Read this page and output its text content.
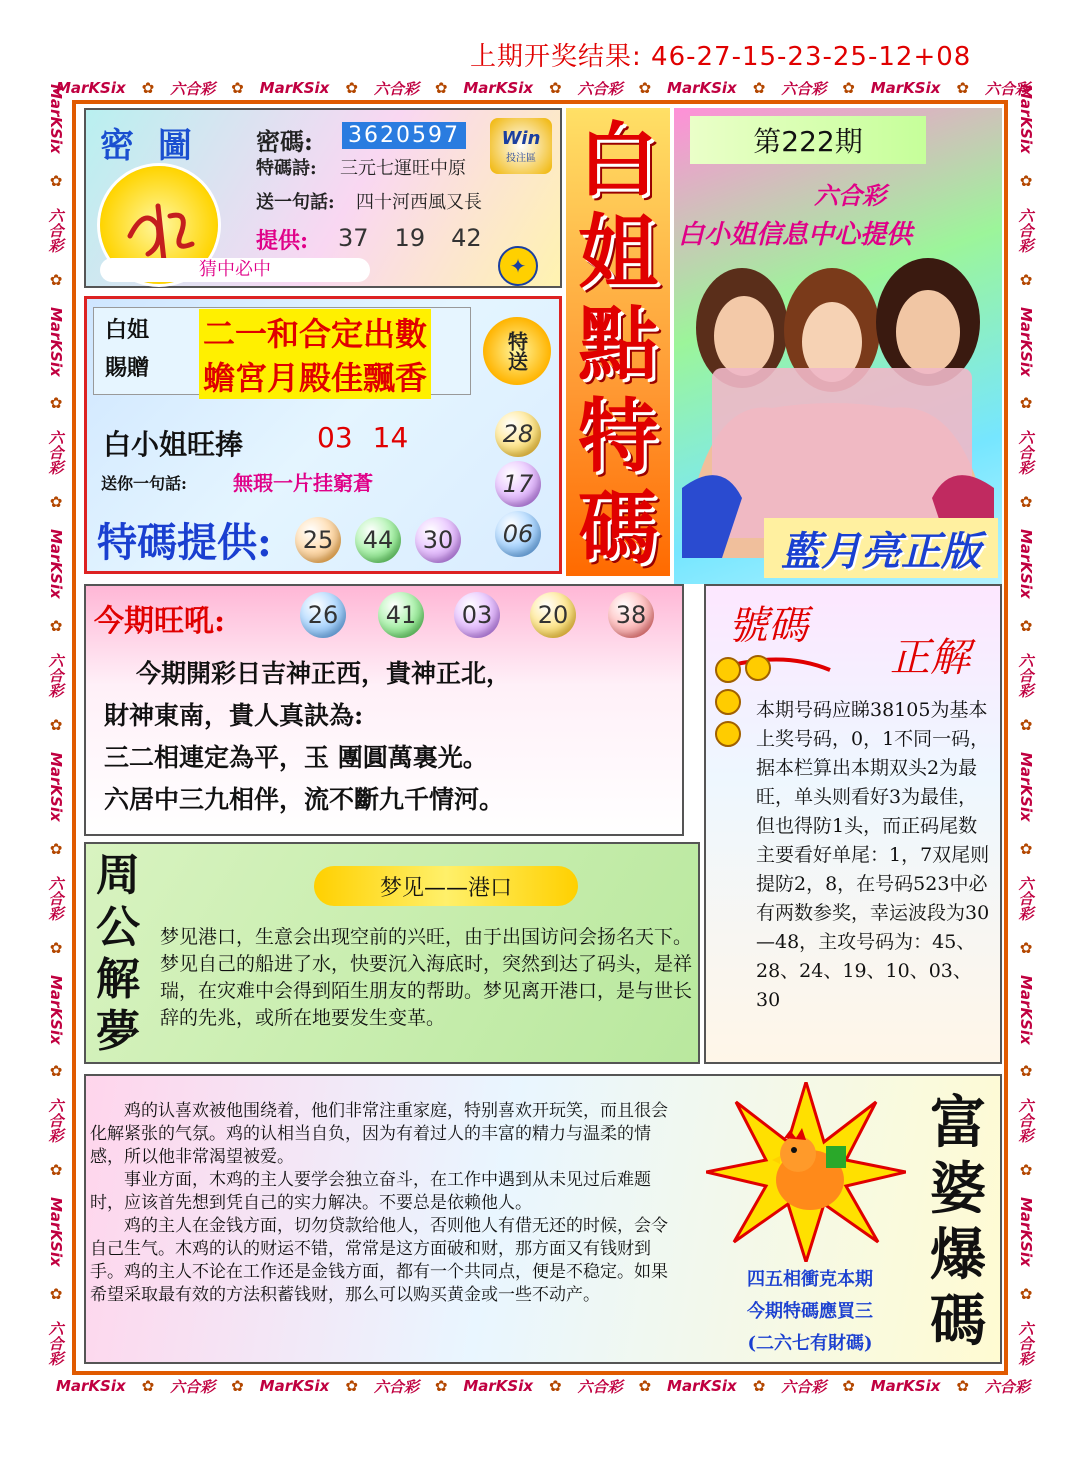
上期开奖结果: 46-27-15-23-25-12+08
MarKSix ✿ 六合彩 ✿ MarKSix ✿ 六合彩 ✿ MarKSix ✿ 六合彩 ✿ MarKSix ✿ 六合彩 ✿ MarKSix ✿ 六合彩
MarKSix ✿ 六合彩 ✿ MarKSix ✿ 六合彩 ✿ MarKSix ✿ 六合彩 ✿ MarKSix ✿ 六合彩 ✿ MarKSix ✿ 六合彩
MarKSix
✿
六合彩
✿
MarKSix
✿
六合彩
✿
MarKSix
✿
六合彩
✿
MarKSix
✿
六合彩
✿
MarKSix
✿
六合彩
✿
MarKSix
✿
六合彩
MarKSix
✿
六合彩
✿
MarKSix
✿
六合彩
✿
MarKSix
✿
六合彩
✿
MarKSix
✿
六合彩
✿
MarKSix
✿
六合彩
✿
MarKSix
✿
六合彩
密 圖 密碼: 3620597	Win
投注區
特碼詩: 三元七運旺中原
送一句話: 四十河西風又長
提供: 37 19 42
猜中必中	✦
白姐
賜贈
二一和合定出數
蟾宮月殿佳飄香
特送
白小姐旺捧	03 14
送你一句話: 無瑕一片挂窮蒼
特碼提供:	25	44	30
28
17
06
白
姐
點
特
碼
第222期
六合彩
白小姐信息中心提供
藍月亮正版
今期旺吼:	26	41	03	20	38
今期開彩日吉神正西，貴神正北，
財神東南，貴人真訣為:
三二相連定為平，玉 團圓萬裏光。
六居中三九相伴，流不斷九千情河。
周
公
解
夢
梦见——港口
梦见港口，生意会出现空前的兴旺，由于出国访问会扬名天下。梦见自己的船进了水，快要沉入海底时，突然到达了码头，是祥瑞，在灾难中会得到陌生朋友的帮助。梦见离开港口，是与世长辞的先兆，或所在地要发生变革。
號碼
正解
本期号码应睇38105为基本上奖号码，0，1不同一码，据本栏算出本期双头2为最旺，单头则看好3为最佳，但也得防1头，而正码尾数主要看好单尾：1，7双尾则提防2，8，在号码523中必有两数参奖，幸运波段为30—48，主攻号码为：45、28、24、19、10、03、30

鸡的认喜欢被他围绕着，他们非常注重家庭，特别喜欢开玩笑，而且很会化解紧张的气氛。鸡的认相当自负，因为有着过人的丰富的精力与温柔的情感，所以他非常渴望被爱。

事业方面，木鸡的主人要学会独立奋斗，在工作中遇到从未见过后难题时，应该首先想到凭自己的实力解决。不要总是依赖他人。

鸡的主人在金钱方面，切勿贷款给他人，否则他人有借无还的时候，会令自己生气。木鸡的认的财运不错，常常是这方面破和财，那方面又有钱财到手。鸡的主人不论在工作还是金钱方面，都有一个共同点，便是不稳定。如果希望采取最有效的方法积蓄钱财，那么可以购买黄金或一些不动产。

四五相衝克本期
今期特碼應買三
(二六七有財碼)
富
婆
爆
碼
